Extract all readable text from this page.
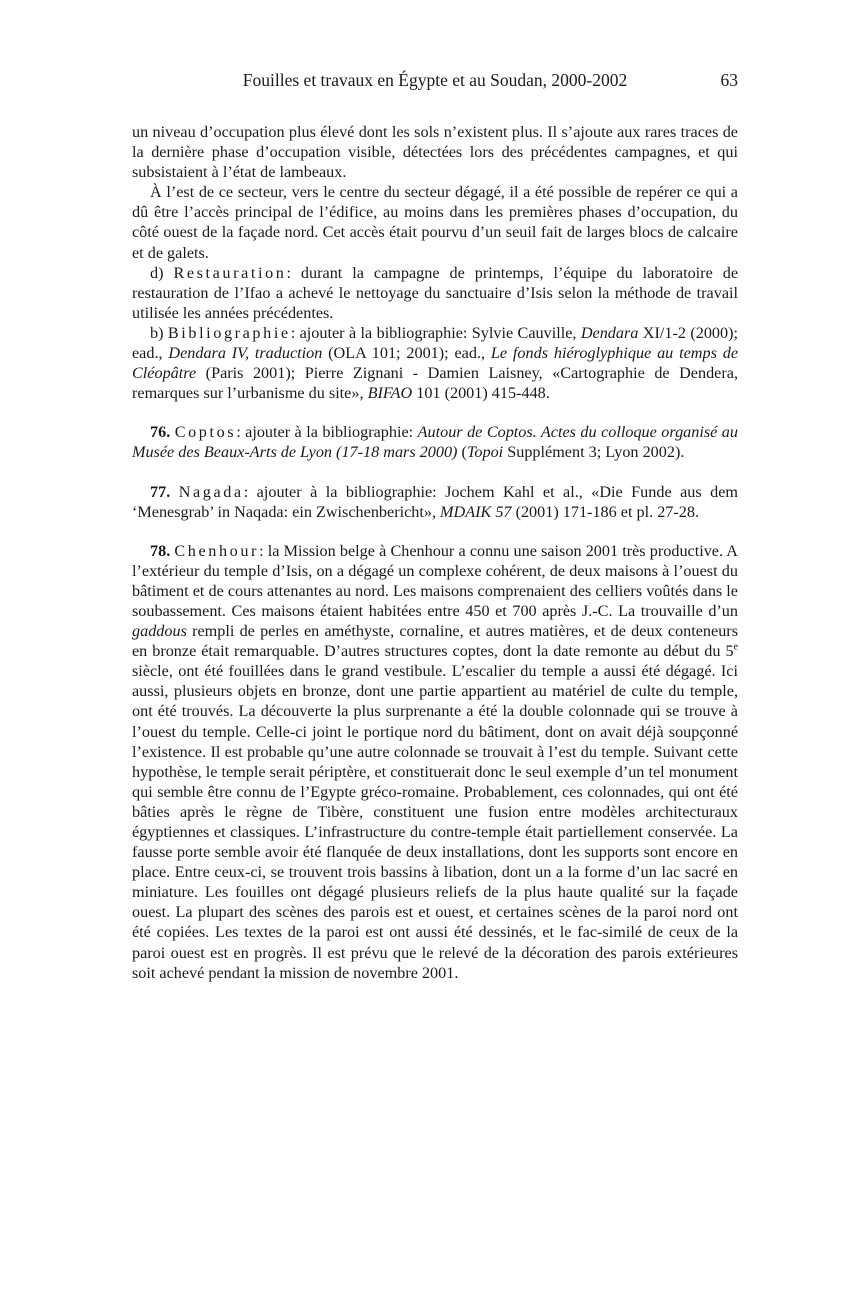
Fouilles et travaux en Égypte et au Soudan, 2000-2002	63

un niveau d’occupation plus élevé dont les sols n’existent plus. Il s’ajoute aux rares traces de la dernière phase d’occupation visible, détectées lors des précédentes campagnes, et qui subsistaient à l’état de lambeaux.

À l’est de ce secteur, vers le centre du secteur dégagé, il a été possible de repérer ce qui a dû être l’accès principal de l’édifice, au moins dans les premières phases d’occupation, du côté ouest de la façade nord. Cet accès était pourvu d’un seuil fait de larges blocs de calcaire et de galets.

d) Restauration: durant la campagne de printemps, l’équipe du laboratoire de restauration de l’Ifao a achevé le nettoyage du sanctuaire d’Isis selon la méthode de travail utilisée les années précédentes.

b) Bibliographie: ajouter à la bibliographie: Sylvie Cauville, Dendara XI/1-2 (2000); ead., Dendara IV, traduction (OLA 101; 2001); ead., Le fonds hiéroglyphique au temps de Cléopâtre (Paris 2001); Pierre Zignani - Damien Laisney, «Cartographie de Dendera, remarques sur l’urbanisme du site», BIFAO 101 (2001) 415-448.

76. Coptos: ajouter à la bibliographie: Autour de Coptos. Actes du colloque organisé au Musée des Beaux-Arts de Lyon (17-18 mars 2000) (Topoi Supplément 3; Lyon 2002).

77. Nagada: ajouter à la bibliographie: Jochem Kahl et al., «Die Funde aus dem ‘Menesgrab’ in Naqada: ein Zwischenbericht», MDAIK 57 (2001) 171-186 et pl. 27-28.

78. Chenhour: la Mission belge à Chenhour a connu une saison 2001 très productive. A l’extérieur du temple d’Isis, on a dégagé un complexe cohérent, de deux maisons à l’ouest du bâtiment et de cours attenantes au nord. Les maisons comprenaient des celliers voûtés dans le soubassement. Ces maisons étaient habitées entre 450 et 700 après J.-C. La trouvaille d’un gaddous rempli de perles en améthyste, cornaline, et autres matières, et de deux conteneurs en bronze était remarquable. D’autres structures coptes, dont la date remonte au début du 5e siècle, ont été fouillées dans le grand vestibule. L’escalier du temple a aussi été dégagé. Ici aussi, plusieurs objets en bronze, dont une partie appartient au matériel de culte du temple, ont été trouvés. La découverte la plus surprenante a été la double colonnade qui se trouve à l’ouest du temple. Celle-ci joint le portique nord du bâtiment, dont on avait déjà soupçonné l’existence. Il est probable qu’une autre colonnade se trouvait à l’est du temple. Suivant cette hypothèse, le temple serait périptère, et constituerait donc le seul exemple d’un tel monument qui semble être connu de l’Egypte gréco-romaine. Probablement, ces colonnades, qui ont été bâties après le règne de Tibère, constituent une fusion entre modèles architecturaux égyptiennes et classiques. L’infrastructure du contre-temple était partiellement conservée. La fausse porte semble avoir été flanquée de deux installations, dont les supports sont encore en place. Entre ceux-ci, se trouvent trois bassins à libation, dont un a la forme d’un lac sacré en miniature. Les fouilles ont dégagé plusieurs reliefs de la plus haute qualité sur la façade ouest. La plupart des scènes des parois est et ouest, et certaines scènes de la paroi nord ont été copiées. Les textes de la paroi est ont aussi été dessinés, et le fac-similé de ceux de la paroi ouest est en progrès. Il est prévu que le relevé de la décoration des parois extérieures soit achevé pendant la mission de novembre 2001.
